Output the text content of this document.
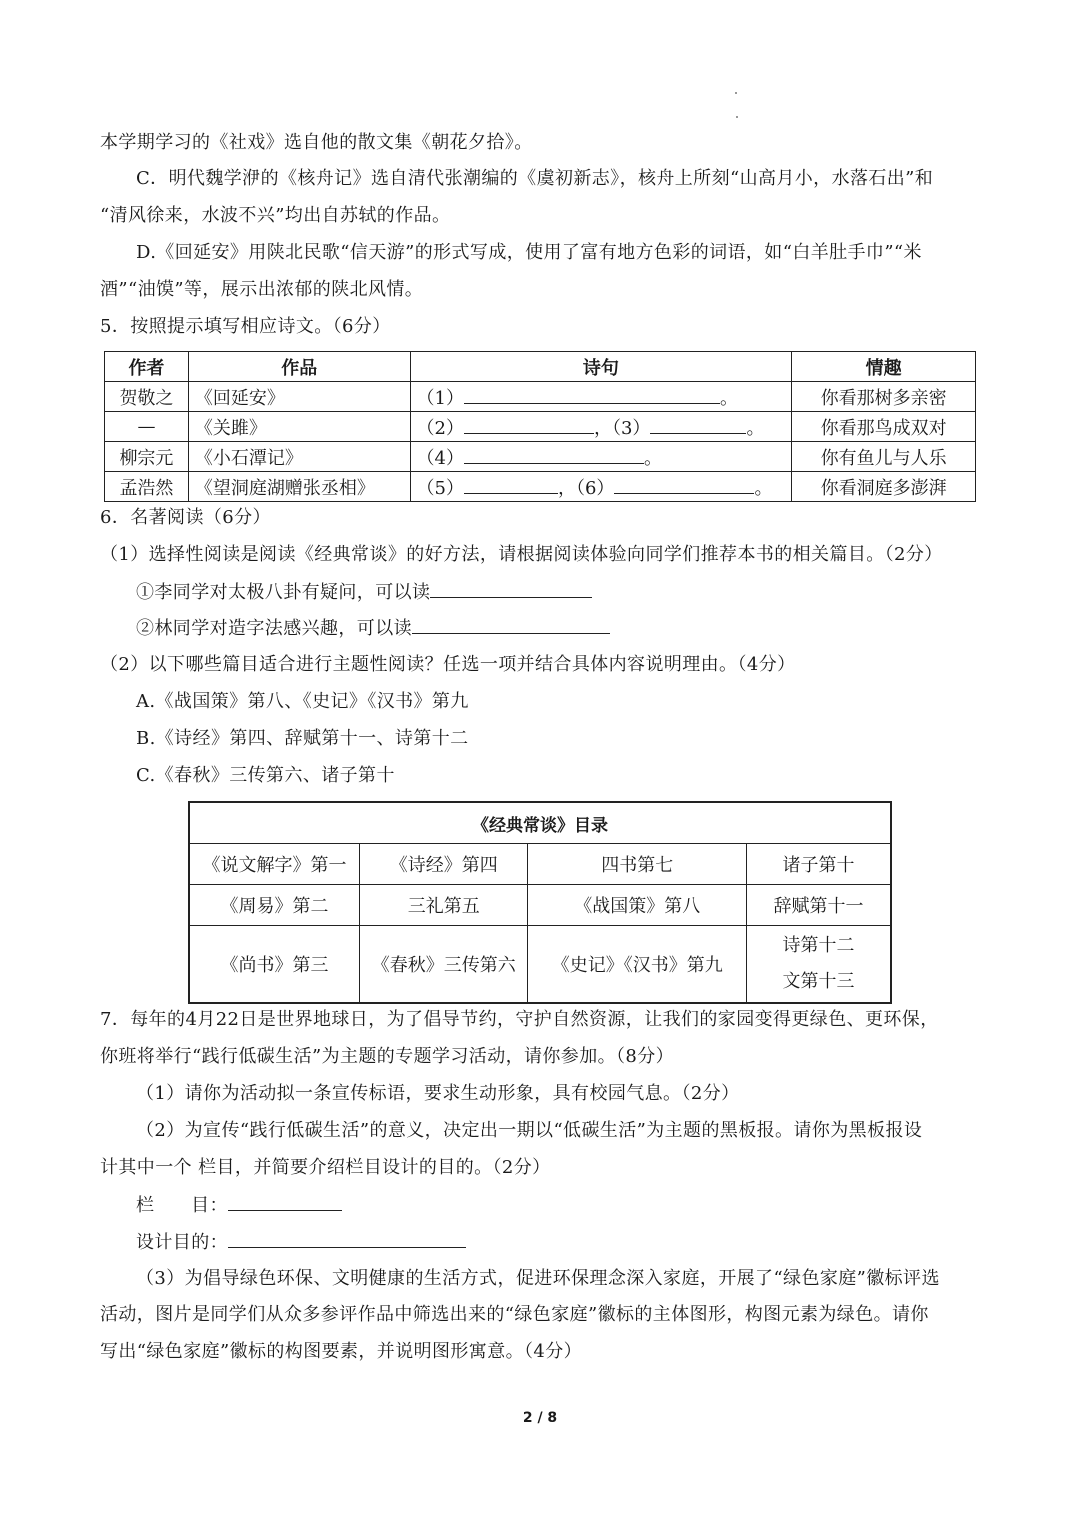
本学期学习的《社戏》选自他的散文集《朝花夕拾》。
C．明代魏学洢的《核舟记》选自清代张潮编的《虞初新志》，核舟上所刻“山高月小，水落石出”和
“清风徐来，水波不兴”均出自苏轼的作品。
D.《回延安》用陕北民歌“信天游”的形式写成，使用了富有地方色彩的词语，如“白羊肚手巾”“米
酒”“油馍”等，展示出浓郁的陕北风情。
5．按照提示填写相应诗文。（6分）
作者	作品	诗句	情趣
贺敬之	《回延安》	（1） 。	你看那树多亲密
—	《关雎》	（2） ，（3） 。	你看那鸟成双对
柳宗元	《小石潭记》	（4） 。	你有鱼儿与人乐
孟浩然	《望洞庭湖赠张丞相》	（5） ，（6） 。	你看洞庭多澎湃
6．名著阅读（6分）
（1）选择性阅读是阅读《经典常谈》的好方法，请根据阅读体验向同学们推荐本书的相关篇目。（2分）
①李同学对太极八卦有疑问，可以读
②林同学对造字法感兴趣，可以读
（2）以下哪些篇目适合进行主题性阅读？任选一项并结合具体内容说明理由。（4分）
A.《战国策》第八、《史记》《汉书》第九
B.《诗经》第四、辞赋第十一、诗第十二
C.《春秋》三传第六、诸子第十
《经典常谈》目录			
《说文解字》第一	《诗经》第四	四书第七	诸子第十
《周易》第二	三礼第五	《战国策》第八	辞赋第十一
《尚书》第三	《春秋》三传第六	《史记》《汉书》第九	诗第十二
文第十三
7．每年的4月22日是世界地球日，为了倡导节约，守护自然资源，让我们的家园变得更绿色、更环保，
你班将举行“践行低碳生活”为主题的专题学习活动，请你参加。（8分）
（1）请你为活动拟一条宣传标语，要求生动形象，具有校园气息。（2分）
（2）为宣传“践行低碳生活”的意义，决定出一期以“低碳生活”为主题的黑板报。请你为黑板报设
计其中一个 栏目，并简要介绍栏目设计的目的。（2分）
栏      目：
设计目的：
（3）为倡导绿色环保、文明健康的生活方式，促进环保理念深入家庭，开展了“绿色家庭”徽标评选
活动，图片是同学们从众多参评作品中筛选出来的“绿色家庭”徽标的主体图形，构图元素为绿色。请你
写出“绿色家庭”徽标的构图要素，并说明图形寓意。（4分）
2 / 8
